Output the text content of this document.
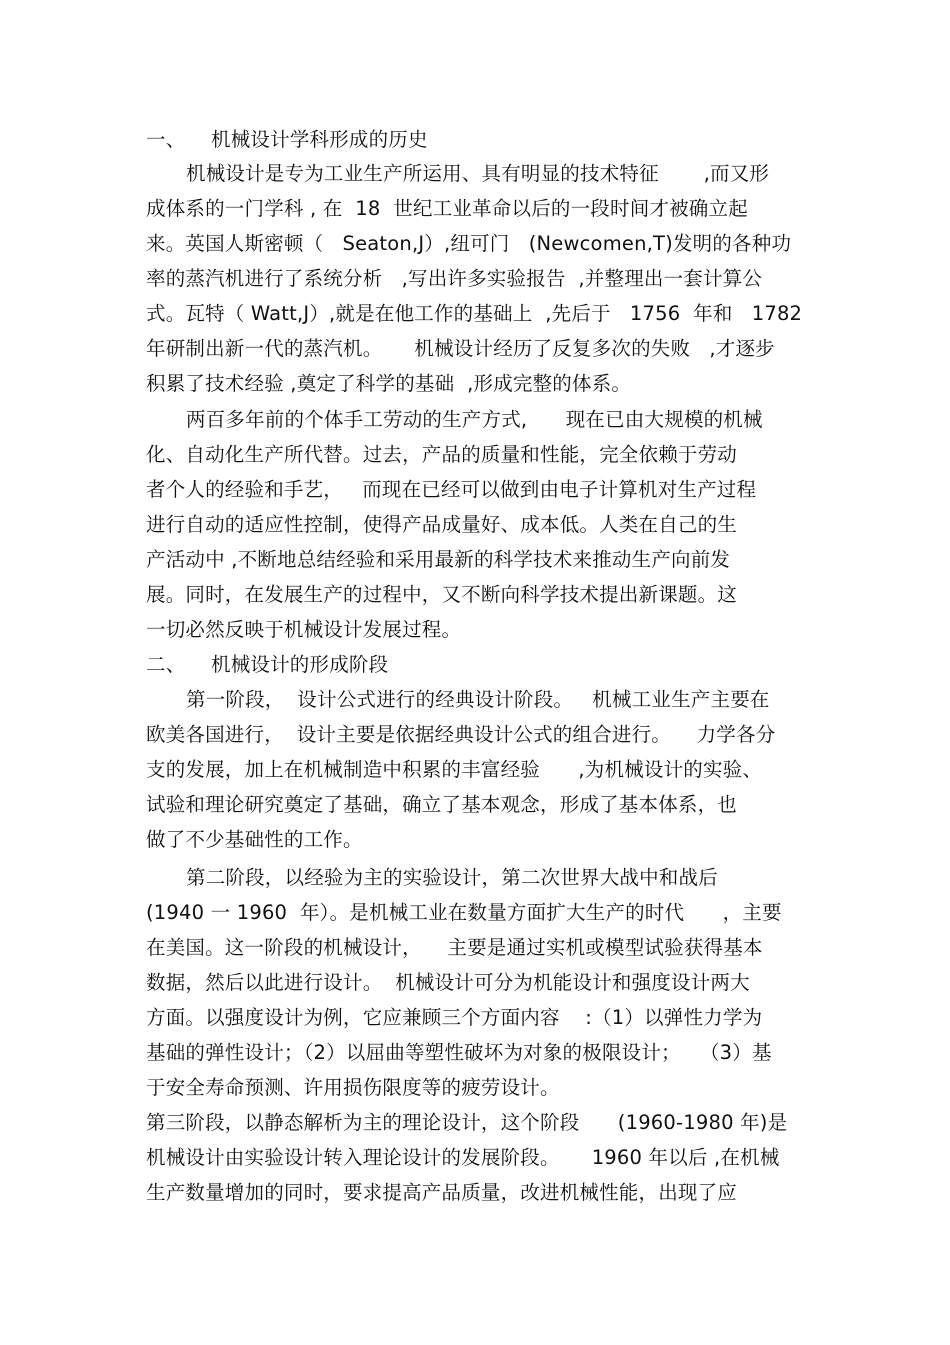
一、    机械设计学科形成的历史
机械设计是专为工业生产所运用、具有明显的技术特征       ,而又形
成体系的一门学科 , 在  18  世纪工业革命以后的一段时间才被确立起
来。英国人斯密顿（   Seaton,J）,纽可门   (Newcomen,T)发明的各种功
率的蒸汽机进行了系统分析   ,写出许多实验报告  ,并整理出一套计算公
式。瓦特（ Watt,J）,就是在他工作的基础上  ,先后于   1756  年和   1782
年研制出新一代的蒸汽机。     机械设计经历了反复多次的失败   ,才逐步
积累了技术经验 ,奠定了科学的基础  ,形成完整的体系。
两百多年前的个体手工劳动的生产方式,      现在已由大规模的机械
化、自动化生产所代替。过去，产品的质量和性能，完全依赖于劳动
者个人的经验和手艺，   而现在已经可以做到由电子计算机对生产过程
进行自动的适应性控制，使得产品成量好、成本低。人类在自己的生
产活动中 ,不断地总结经验和采用最新的科学技术来推动生产向前发
展。同时，在发展生产的过程中，又不断向科学技术提出新课题。这
一切必然反映于机械设计发展过程。
二、    机械设计的形成阶段
第一阶段，  设计公式进行的经典设计阶段。   机械工业生产主要在
欧美各国进行，  设计主要是依据经典设计公式的组合进行。    力学各分
支的发展，加上在机械制造中积累的丰富经验      ,为机械设计的实验、
试验和理论研究奠定了基础，确立了基本观念，形成了基本体系，也
做了不少基础性的工作。
第二阶段，以经验为主的实验设计，第二次世界大战中和战后
(1940 一 1960  年）。是机械工业在数量方面扩大生产的时代      ，主要
在美国。这一阶段的机械设计，    主要是通过实机或模型试验获得基本
数据，然后以此进行设计。  机械设计可分为机能设计和强度设计两大
方面。以强度设计为例，它应兼顾三个方面内容    :（1）以弹性力学为
基础的弹性设计；（2）以屈曲等塑性破坏为对象的极限设计；   （3）基
于安全寿命预测、许用损伤限度等的疲劳设计。
第三阶段，以静态解析为主的理论设计，这个阶段      (1960-1980 年)是
机械设计由实验设计转入理论设计的发展阶段。     1960 年以后 ,在机械
生产数量增加的同时，要求提高产品质量，改进机械性能，出现了应
